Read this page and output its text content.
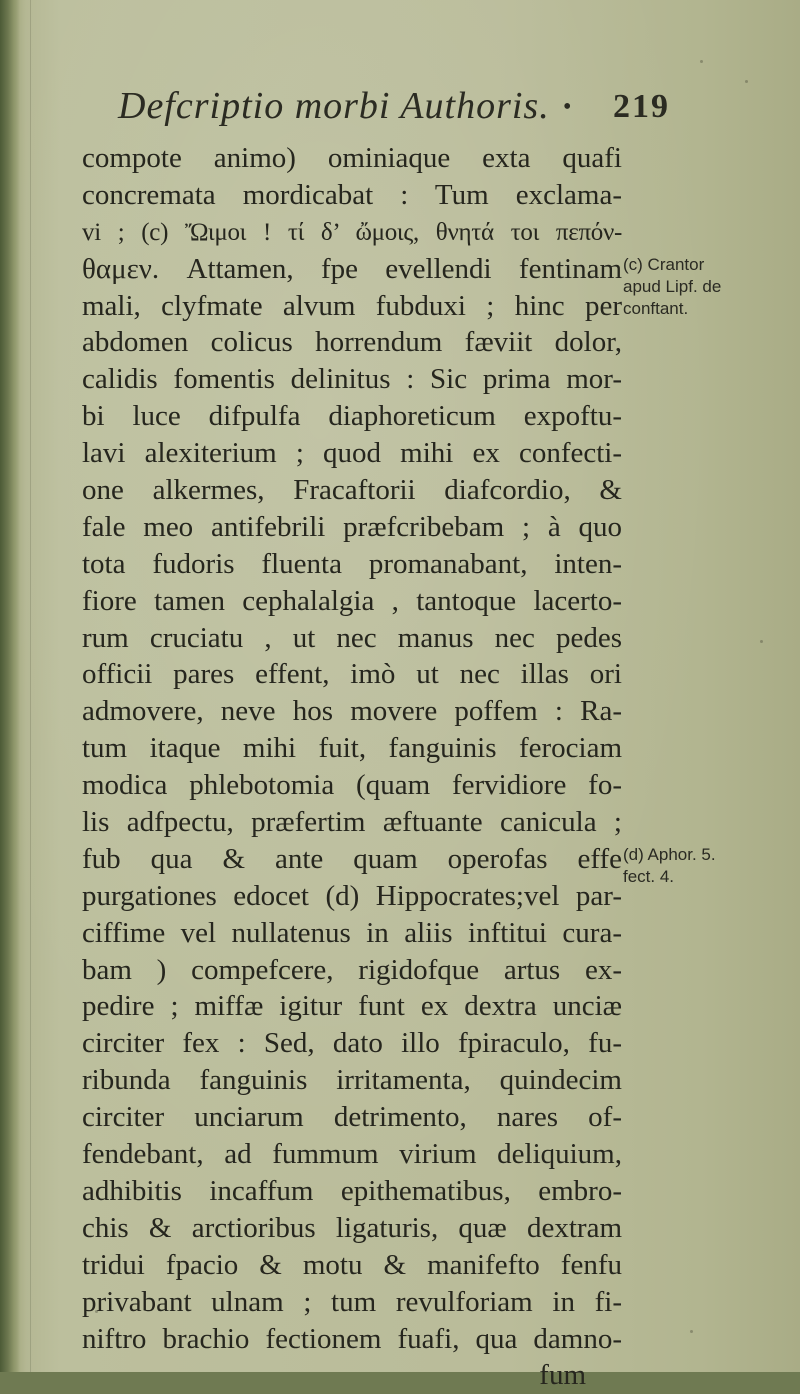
Defcriptio morbi Authoris. • 219
compote animo) ominiaque exta quafi
concremata mordicabat : Tum exclama-
vi ; (c) Ὤιμοι ! τί δ’ ὤμοις, θνητά τοι πεπόν-
θαμεν. Attamen, fpe evellendi fentinam
mali, clyfmate alvum fubduxi ; hinc per
abdomen colicus horrendum fæviit dolor,
calidis fomentis delinitus : Sic prima mor-
bi luce difpulfa diaphoreticum expoftu-
lavi alexiterium ; quod mihi ex confecti-
one alkermes, Fracaftorii diafcordio, &
fale meo antifebrili præfcribebam ; à quo
tota fudoris fluenta promanabant, inten-
fiore tamen cephalalgia , tantoque lacerto-
rum cruciatu , ut nec manus nec pedes
officii pares effent, imò ut nec illas ori
admovere, neve hos movere poffem : Ra-
tum itaque mihi fuit, fanguinis ferociam
modica phlebotomia (quam fervidiore fo-
lis adfpectu, præfertim æftuante canicula ;
fub qua & ante quam operofas effe
purgationes edocet (d) Hippocrates;vel par-
ciffime vel nullatenus in aliis inftitui cura-
bam ) compefcere, rigidofque artus ex-
pedire ; miffæ igitur funt ex dextra unciæ
circiter fex : Sed, dato illo fpiraculo, fu-
ribunda fanguinis irritamenta, quindecim
circiter unciarum detrimento, nares of-
fendebant, ad fummum virium deliquium,
adhibitis incaffum epithematibus, embro-
chis & arctioribus ligaturis, quæ dextram
tridui fpacio & motu & manifefto fenfu
privabant ulnam ; tum revulforiam in fi-
niftro brachio fectionem fuafi, qua damno-
fum
(c) Crantor
apud Lipf. de
conftant.
(d) Aphor. 5.
fect. 4.
